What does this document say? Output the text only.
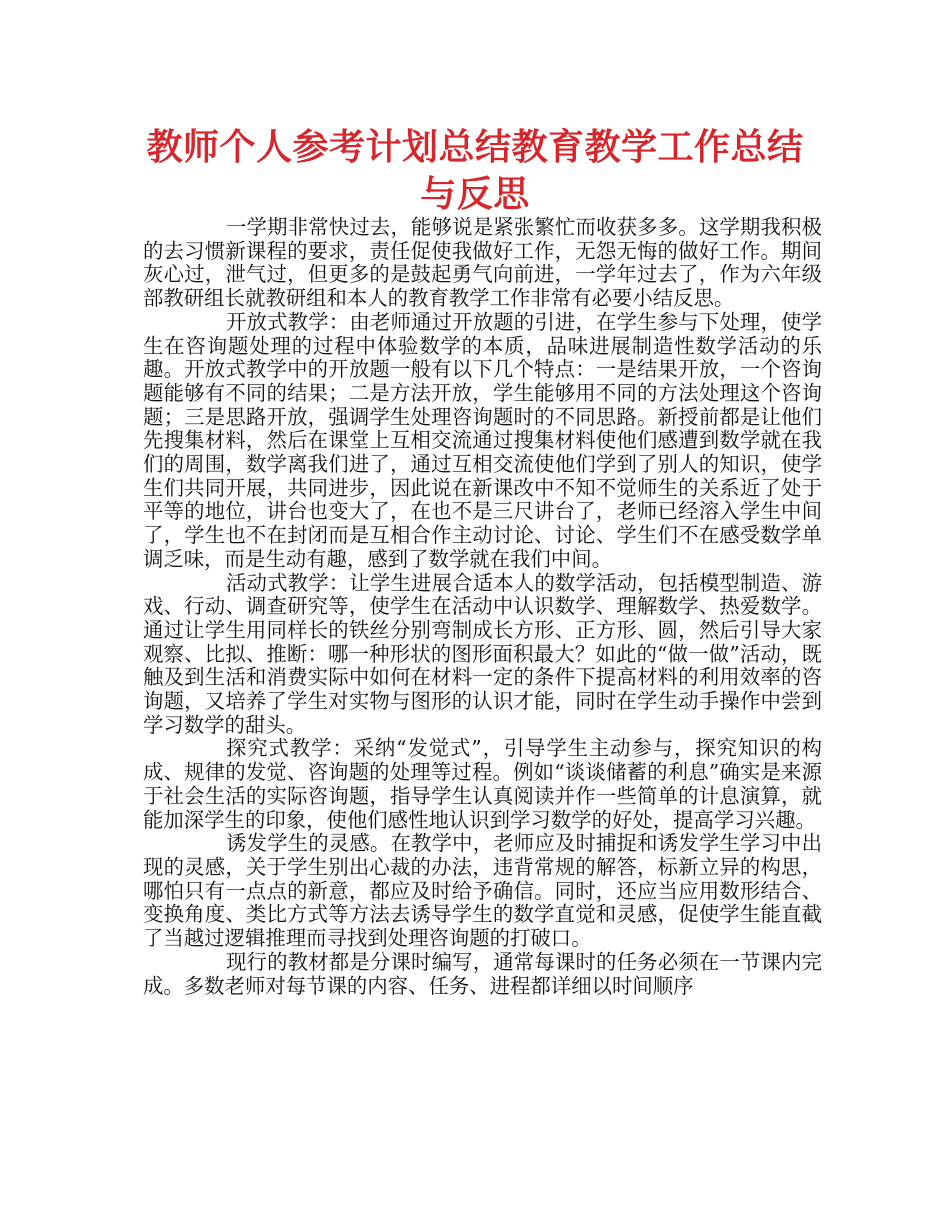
教师个人参考计划总结教育教学工作总结与反思

一学期非常快过去，能够说是紧张繁忙而收获多多。这学期我积极的去习惯新课程的要求，责任促使我做好工作，无怨无悔的做好工作。期间灰心过，泄气过，但更多的是鼓起勇气向前进，一学年过去了，作为六年级部教研组长就教研组和本人的教育教学工作非常有必要小结反思。

开放式教学：由老师通过开放题的引进，在学生参与下处理，使学生在咨询题处理的过程中体验数学的本质，品味进展制造性数学活动的乐趣。开放式教学中的开放题一般有以下几个特点：一是结果开放，一个咨询题能够有不同的结果；二是方法开放，学生能够用不同的方法处理这个咨询题；三是思路开放，强调学生处理咨询题时的不同思路。新授前都是让他们先搜集材料，然后在课堂上互相交流通过搜集材料使他们感遭到数学就在我们的周围，数学离我们进了，通过互相交流使他们学到了别人的知识，使学生们共同开展，共同进步，因此说在新课改中不知不觉师生的关系近了处于平等的地位，讲台也变大了，在也不是三尺讲台了，老师已经溶入学生中间了，学生也不在封闭而是互相合作主动讨论、讨论、学生们不在感受数学单调乏味，而是生动有趣，感到了数学就在我们中间。

活动式教学：让学生进展合适本人的数学活动，包括模型制造、游戏、行动、调查研究等，使学生在活动中认识数学、理解数学、热爱数学。通过让学生用同样长的铁丝分别弯制成长方形、正方形、圆，然后引导大家观察、比拟、推断：哪一种形状的图形面积最大？如此的“做一做”活动，既触及到生活和消费实际中如何在材料一定的条件下提高材料的利用效率的咨询题，又培养了学生对实物与图形的认识才能，同时在学生动手操作中尝到学习数学的甜头。

探究式教学：采纳“发觉式”，引导学生主动参与，探究知识的构成、规律的发觉、咨询题的处理等过程。例如“谈谈储蓄的利息”确实是来源于社会生活的实际咨询题，指导学生认真阅读并作一些简单的计息演算，就能加深学生的印象，使他们感性地认识到学习数学的好处，提高学习兴趣。

诱发学生的灵感。在教学中，老师应及时捕捉和诱发学生学习中出现的灵感，关于学生别出心裁的办法，违背常规的解答，标新立异的构思，哪怕只有一点点的新意，都应及时给予确信。同时，还应当应用数形结合、变换角度、类比方式等方法去诱导学生的数学直觉和灵感，促使学生能直截了当越过逻辑推理而寻找到处理咨询题的打破口。

现行的教材都是分课时编写，通常每课时的任务必须在一节课内完成。多数老师对每节课的内容、任务、进程都详细以时间顺序
